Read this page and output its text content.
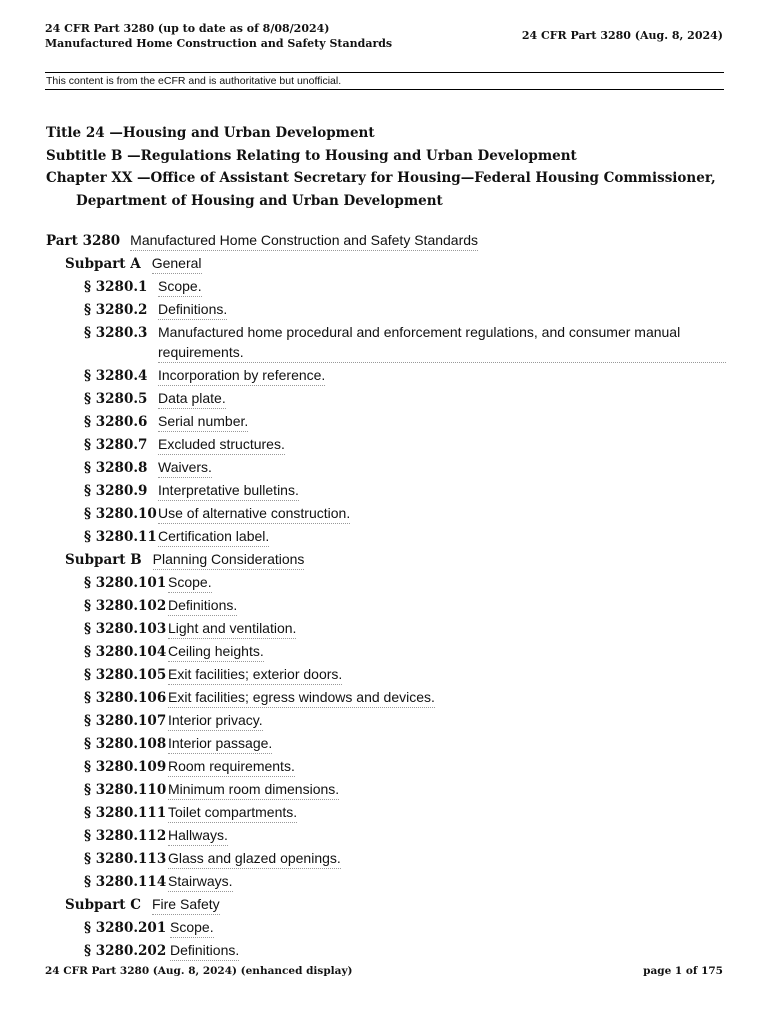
24 CFR Part 3280 (up to date as of 8/08/2024)
Manufactured Home Construction and Safety Standards
24 CFR Part 3280 (Aug. 8, 2024)
This content is from the eCFR and is authoritative but unofficial.
Title 24 —Housing and Urban Development
Subtitle B —Regulations Relating to Housing and Urban Development
Chapter XX —Office of Assistant Secretary for Housing—Federal Housing Commissioner,
Department of Housing and Urban Development
Part 3280 Manufactured Home Construction and Safety Standards
Subpart A General
§ 3280.1 Scope.
§ 3280.2 Definitions.
§ 3280.3 Manufactured home procedural and enforcement regulations, and consumer manual requirements.
§ 3280.4 Incorporation by reference.
§ 3280.5 Data plate.
§ 3280.6 Serial number.
§ 3280.7 Excluded structures.
§ 3280.8 Waivers.
§ 3280.9 Interpretative bulletins.
§ 3280.10 Use of alternative construction.
§ 3280.11 Certification label.
Subpart B Planning Considerations
§ 3280.101 Scope.
§ 3280.102 Definitions.
§ 3280.103 Light and ventilation.
§ 3280.104 Ceiling heights.
§ 3280.105 Exit facilities; exterior doors.
§ 3280.106 Exit facilities; egress windows and devices.
§ 3280.107 Interior privacy.
§ 3280.108 Interior passage.
§ 3280.109 Room requirements.
§ 3280.110 Minimum room dimensions.
§ 3280.111 Toilet compartments.
§ 3280.112 Hallways.
§ 3280.113 Glass and glazed openings.
§ 3280.114 Stairways.
Subpart C Fire Safety
§ 3280.201 Scope.
§ 3280.202 Definitions.
24 CFR Part 3280 (Aug. 8, 2024) (enhanced display)	page 1 of 175
